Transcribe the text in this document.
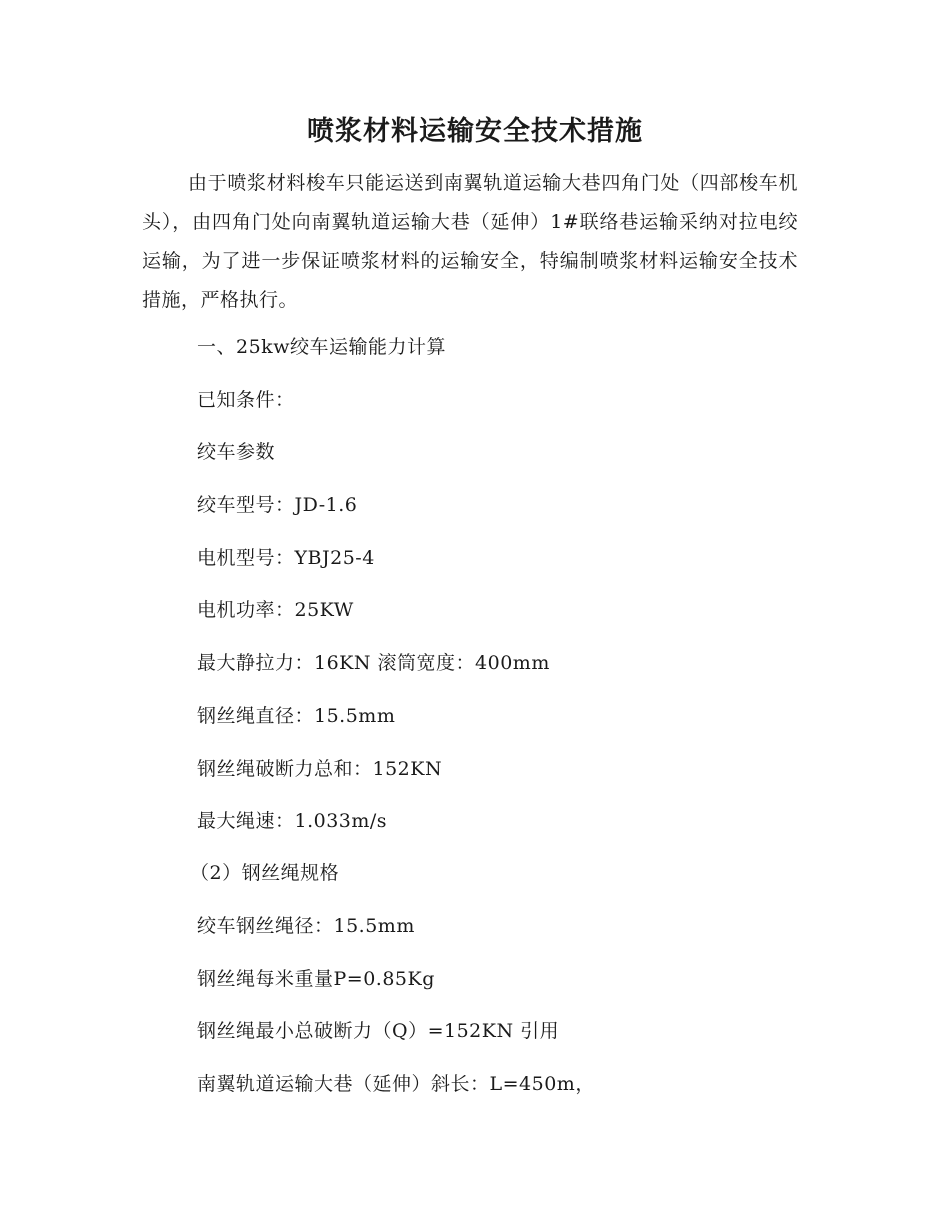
喷浆材料运输安全技术措施

由于喷浆材料梭车只能运送到南翼轨道运输大巷四角门处（四部梭车机头），由四角门处向南翼轨道运输大巷（延伸）1#联络巷运输采纳对拉电绞运输，为了进一步保证喷浆材料的运输安全，特编制喷浆材料运输安全技术措施，严格执行。

一、25kw绞车运输能力计算

已知条件：

绞车参数

绞车型号：JD-1.6

电机型号：YBJ25-4

电机功率：25KW

最大静拉力：16KN 滚筒宽度：400mm

钢丝绳直径：15.5mm

钢丝绳破断力总和：152KN

最大绳速：1.033m/s

（2）钢丝绳规格

绞车钢丝绳径：15.5mm

钢丝绳每米重量P=0.85Kg

钢丝绳最小总破断力（Q）=152KN 引用

南翼轨道运输大巷（延伸）斜长：L=450m，
